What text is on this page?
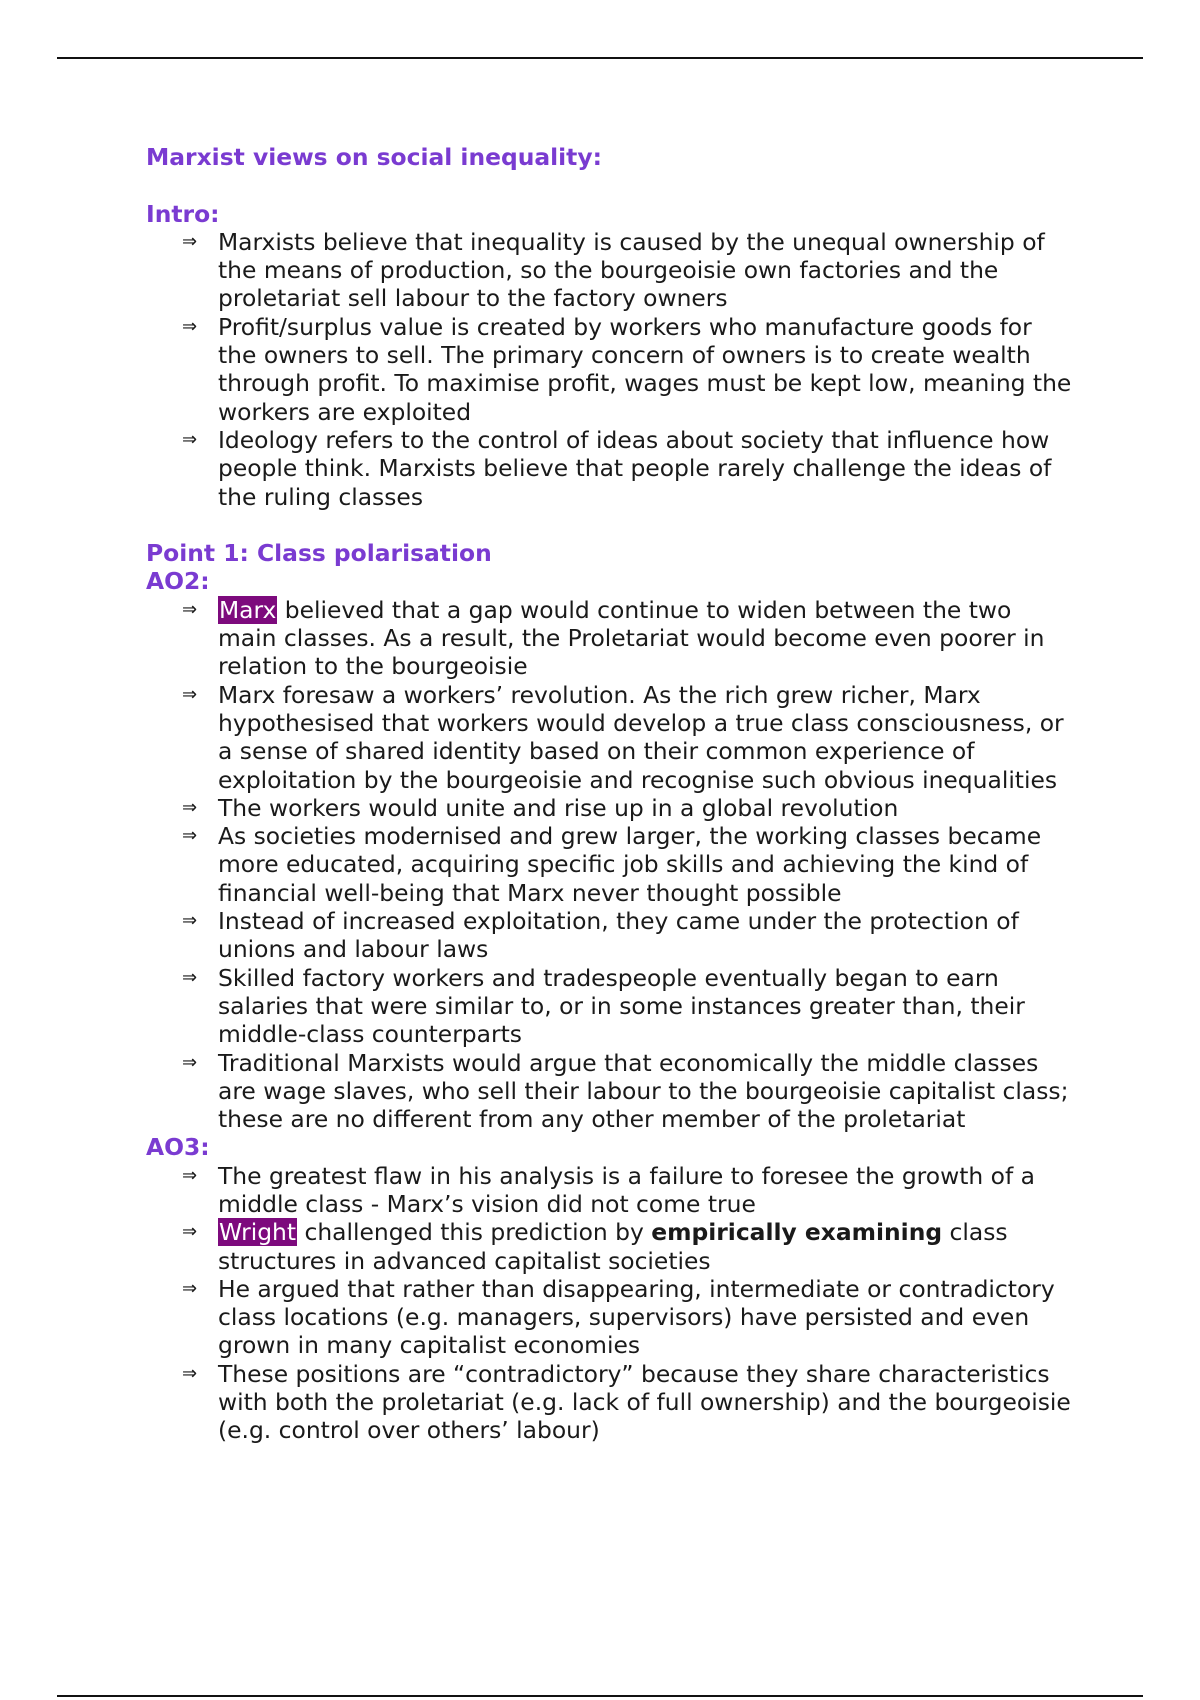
Marxist views on social inequality:

Intro:

⇒ Marxists believe that inequality is caused by the unequal ownership of the means of production, so the bourgeoisie own factories and the proletariat sell labour to the factory owners
⇒ Profit/surplus value is created by workers who manufacture goods for the owners to sell. The primary concern of owners is to create wealth through profit. To maximise profit, wages must be kept low, meaning the workers are exploited
⇒ Ideology refers to the control of ideas about society that influence how people think. Marxists believe that people rarely challenge the ideas of the ruling classes

Point 1: Class polarisation

AO2:

⇒ Marx believed that a gap would continue to widen between the two main classes. As a result, the Proletariat would become even poorer in relation to the bourgeoisie
⇒ Marx foresaw a workers’ revolution. As the rich grew richer, Marx hypothesised that workers would develop a true class consciousness, or a sense of shared identity based on their common experience of exploitation by the bourgeoisie and recognise such obvious inequalities
⇒ The workers would unite and rise up in a global revolution
⇒ As societies modernised and grew larger, the working classes became more educated, acquiring specific job skills and achieving the kind of financial well-being that Marx never thought possible
⇒ Instead of increased exploitation, they came under the protection of unions and labour laws
⇒ Skilled factory workers and tradespeople eventually began to earn salaries that were similar to, or in some instances greater than, their middle-class counterparts
⇒ Traditional Marxists would argue that economically the middle classes are wage slaves, who sell their labour to the bourgeoisie capitalist class; these are no different from any other member of the proletariat

AO3:

⇒ The greatest flaw in his analysis is a failure to foresee the growth of a middle class - Marx’s vision did not come true
⇒ Wright challenged this prediction by empirically examining class structures in advanced capitalist societies
⇒ He argued that rather than disappearing, intermediate or contradictory class locations (e.g. managers, supervisors) have persisted and even grown in many capitalist economies
⇒ These positions are “contradictory” because they share characteristics with both the proletariat (e.g. lack of full ownership) and the bourgeoisie (e.g. control over others’ labour)
